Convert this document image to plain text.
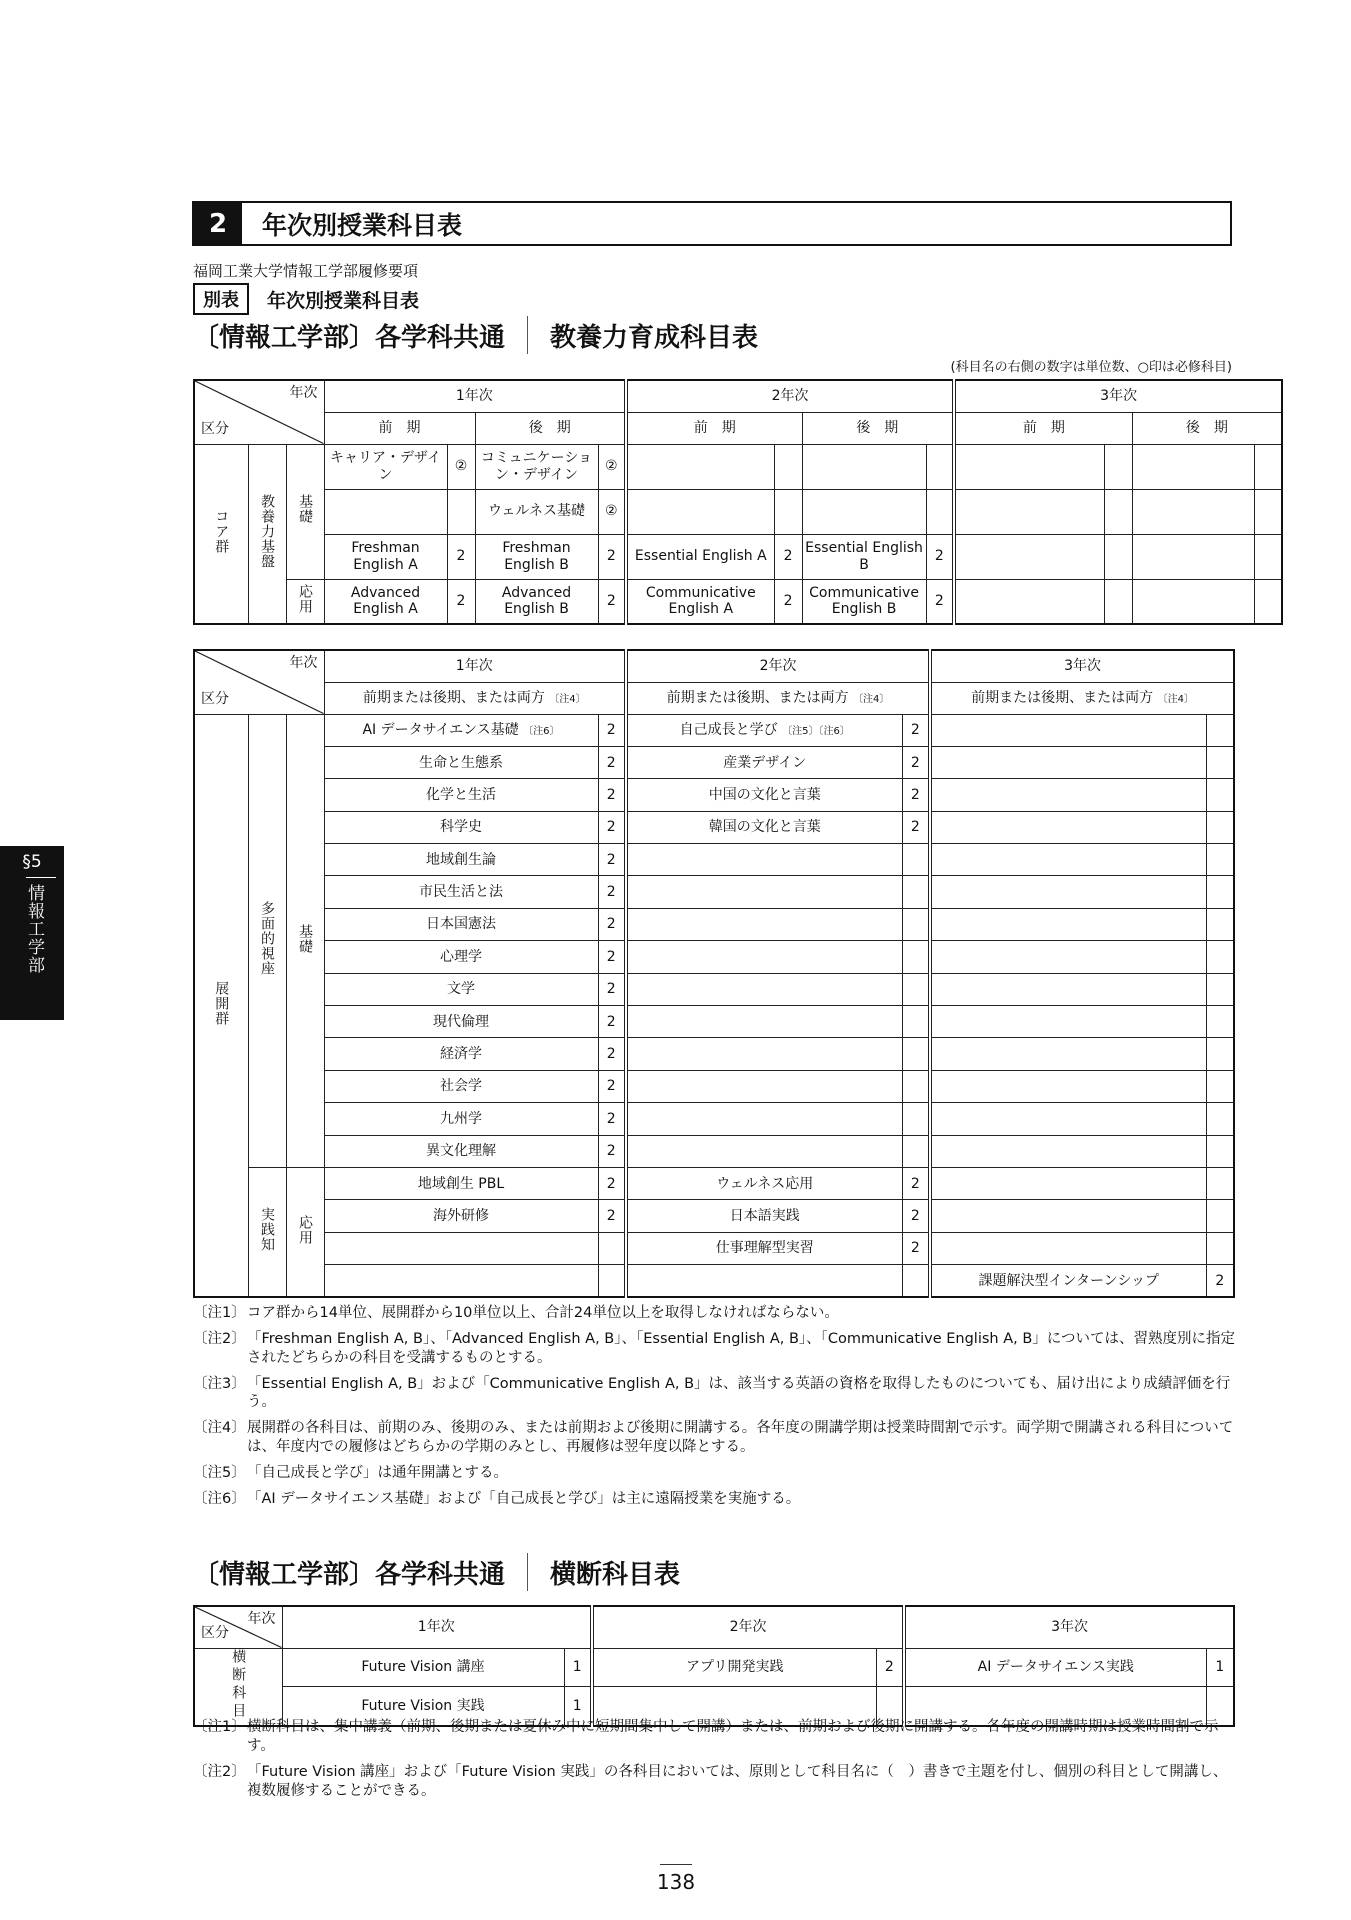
2	年次別授業科目表
福岡工業大学情報工学部履修要項
別表	年次別授業科目表
〔情報工学部〕各学科共通 教養力育成科目表
(科目名の右側の数字は単位数、○印は必修科目)
年次
区分			1年次				2年次				3年次			
			前　期		後　期		前　期		後　期		前　期		後　期	
コア群	教養力基盤	基礎	キャリア・デザイン	②	コミュニケーション・デザイン	②								
					ウェルネス基礎	②								
			Freshman English A	2	Freshman English B	2	Essential English A	2	Essential English B	2				
		応用	Advanced English A	2	Advanced English B	2	Communicative English A	2	Communicative English B	2				
年次
区分			1年次		2年次		3年次	
			前期または後期、または両方 〔注4〕		前期または後期、または両方 〔注4〕		前期または後期、または両方 〔注4〕	
展開群	多面的視座	基礎	AI データサイエンス基礎 〔注6〕	2	自己成長と学び 〔注5〕〔注6〕	2		
			生命と生態系	2	産業デザイン	2		
			化学と生活	2	中国の文化と言葉	2		
			科学史	2	韓国の文化と言葉	2		
			地域創生論	2				
			市民生活と法	2				
			日本国憲法	2				
			心理学	2				
			文学	2				
			現代倫理	2				
			経済学	2				
			社会学	2				
			九州学	2				
			異文化理解	2				
	実践知	応用	地域創生 PBL	2	ウェルネス応用	2		
			海外研修	2	日本語実践	2		
					仕事理解型実習	2		
							課題解決型インターンシップ	2
〔注1〕 コア群から14単位、展開群から10単位以上、合計24単位以上を取得しなければならない。
〔注2〕 「Freshman English A, B」、「Advanced English A, B」、「Essential English A, B」、「Communicative English A, B」については、習熟度別に指定されたどちらかの科目を受講するものとする。
〔注3〕 「Essential English A, B」および「Communicative English A, B」は、該当する英語の資格を取得したものについても、届け出により成績評価を行う。
〔注4〕 展開群の各科目は、前期のみ、後期のみ、または前期および後期に開講する。各年度の開講学期は授業時間割で示す。両学期で開講される科目については、年度内での履修はどちらかの学期のみとし、再履修は翌年度以降とする。
〔注5〕 「自己成長と学び」は通年開講とする。
〔注6〕 「AI データサイエンス基礎」および「自己成長と学び」は主に遠隔授業を実施する。
〔情報工学部〕各学科共通 横断科目表
年次
区分	1年次		2年次		3年次	
横断科目	Future Vision 講座	1	アプリ開発実践	2	AI データサイエンス実践	1
	Future Vision 実践	1				
〔注1〕 横断科目は、集中講義（前期、後期または夏休み中に短期間集中して開講）または、前期および後期に開講する。各年度の開講時期は授業時間割で示す。
〔注2〕 「Future Vision 講座」および「Future Vision 実践」の各科目においては、原則として科目名に（　）書きで主題を付し、個別の科目として開講し、複数履修することができる。
§5
情報工学部
138
